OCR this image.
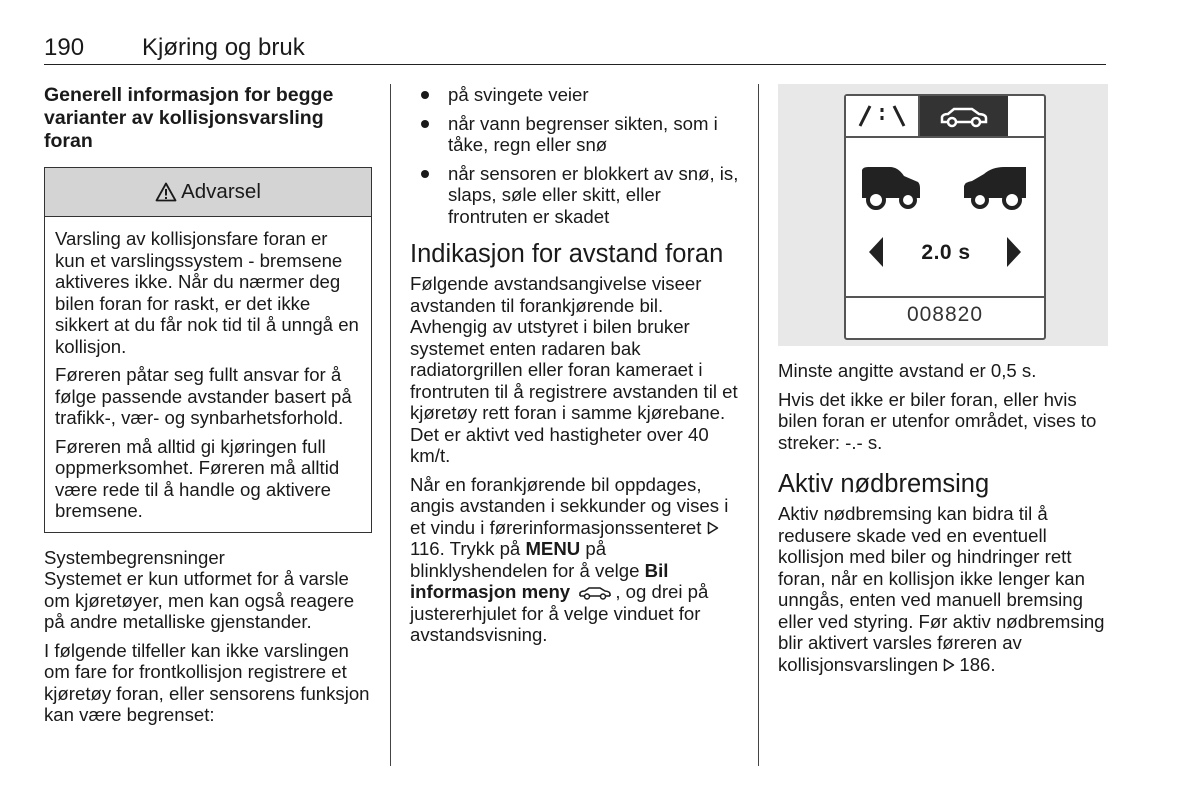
190 Kjøring og bruk
Generell informasjon for begge varianter av kollisjonsvarsling foran
Advarsel

Varsling av kollisjonsfare foran er kun et varslingssystem - bremsene aktiveres ikke. Når du nærmer deg bilen foran for raskt, er det ikke sikkert at du får nok tid til å unngå en kollisjon.

Føreren påtar seg fullt ansvar for å følge passende avstander basert på trafikk-, vær- og synbarhetsforhold.

Føreren må alltid gi kjøringen full oppmerksomhet. Føreren må alltid være rede til å handle og aktivere bremsene.

Systembegrensninger

Systemet er kun utformet for å varsle om kjøretøyer, men kan også reagere på andre metalliske gjenstander.

I følgende tilfeller kan ikke varslingen om fare for frontkollisjon registrere et kjøretøy foran, eller sensorens funksjon kan være begrenset:

på svingete veier
når vann begrenser sikten, som i tåke, regn eller snø
når sensoren er blokkert av snø, is, slaps, søle eller skitt, eller frontruten er skadet
Indikasjon for avstand foran

Følgende avstandsangivelse viseer avstanden til forankjørende bil. Avhengig av utstyret i bilen bruker systemet enten radaren bak radiatorgrillen eller foran kameraet i frontruten til å registrere avstanden til et kjøretøy rett foran i samme kjørebane. Det er aktivt ved hastigheter over 40 km/t.

Når en forankjørende bil oppdages, angis avstanden i sekkunder og vises i et vindu i førerinformasjonssenteret 116. Trykk på MENU på blinklyshendelen for å velge Bil informasjon meny , og drei på justererhjulet for å velge vinduet for avstandsvisning.

2.0 s
008820

Minste angitte avstand er 0,5 s.

Hvis det ikke er biler foran, eller hvis bilen foran er utenfor området, vises to streker: -.- s.

Aktiv nødbremsing

Aktiv nødbremsing kan bidra til å redusere skade ved en eventuell kollisjon med biler og hindringer rett foran, når en kollisjon ikke lenger kan unngås, enten ved manuell bremsing eller ved styring. Før aktiv nødbremsing blir aktivert varsles føreren av kollisjonsvarslingen 186.
